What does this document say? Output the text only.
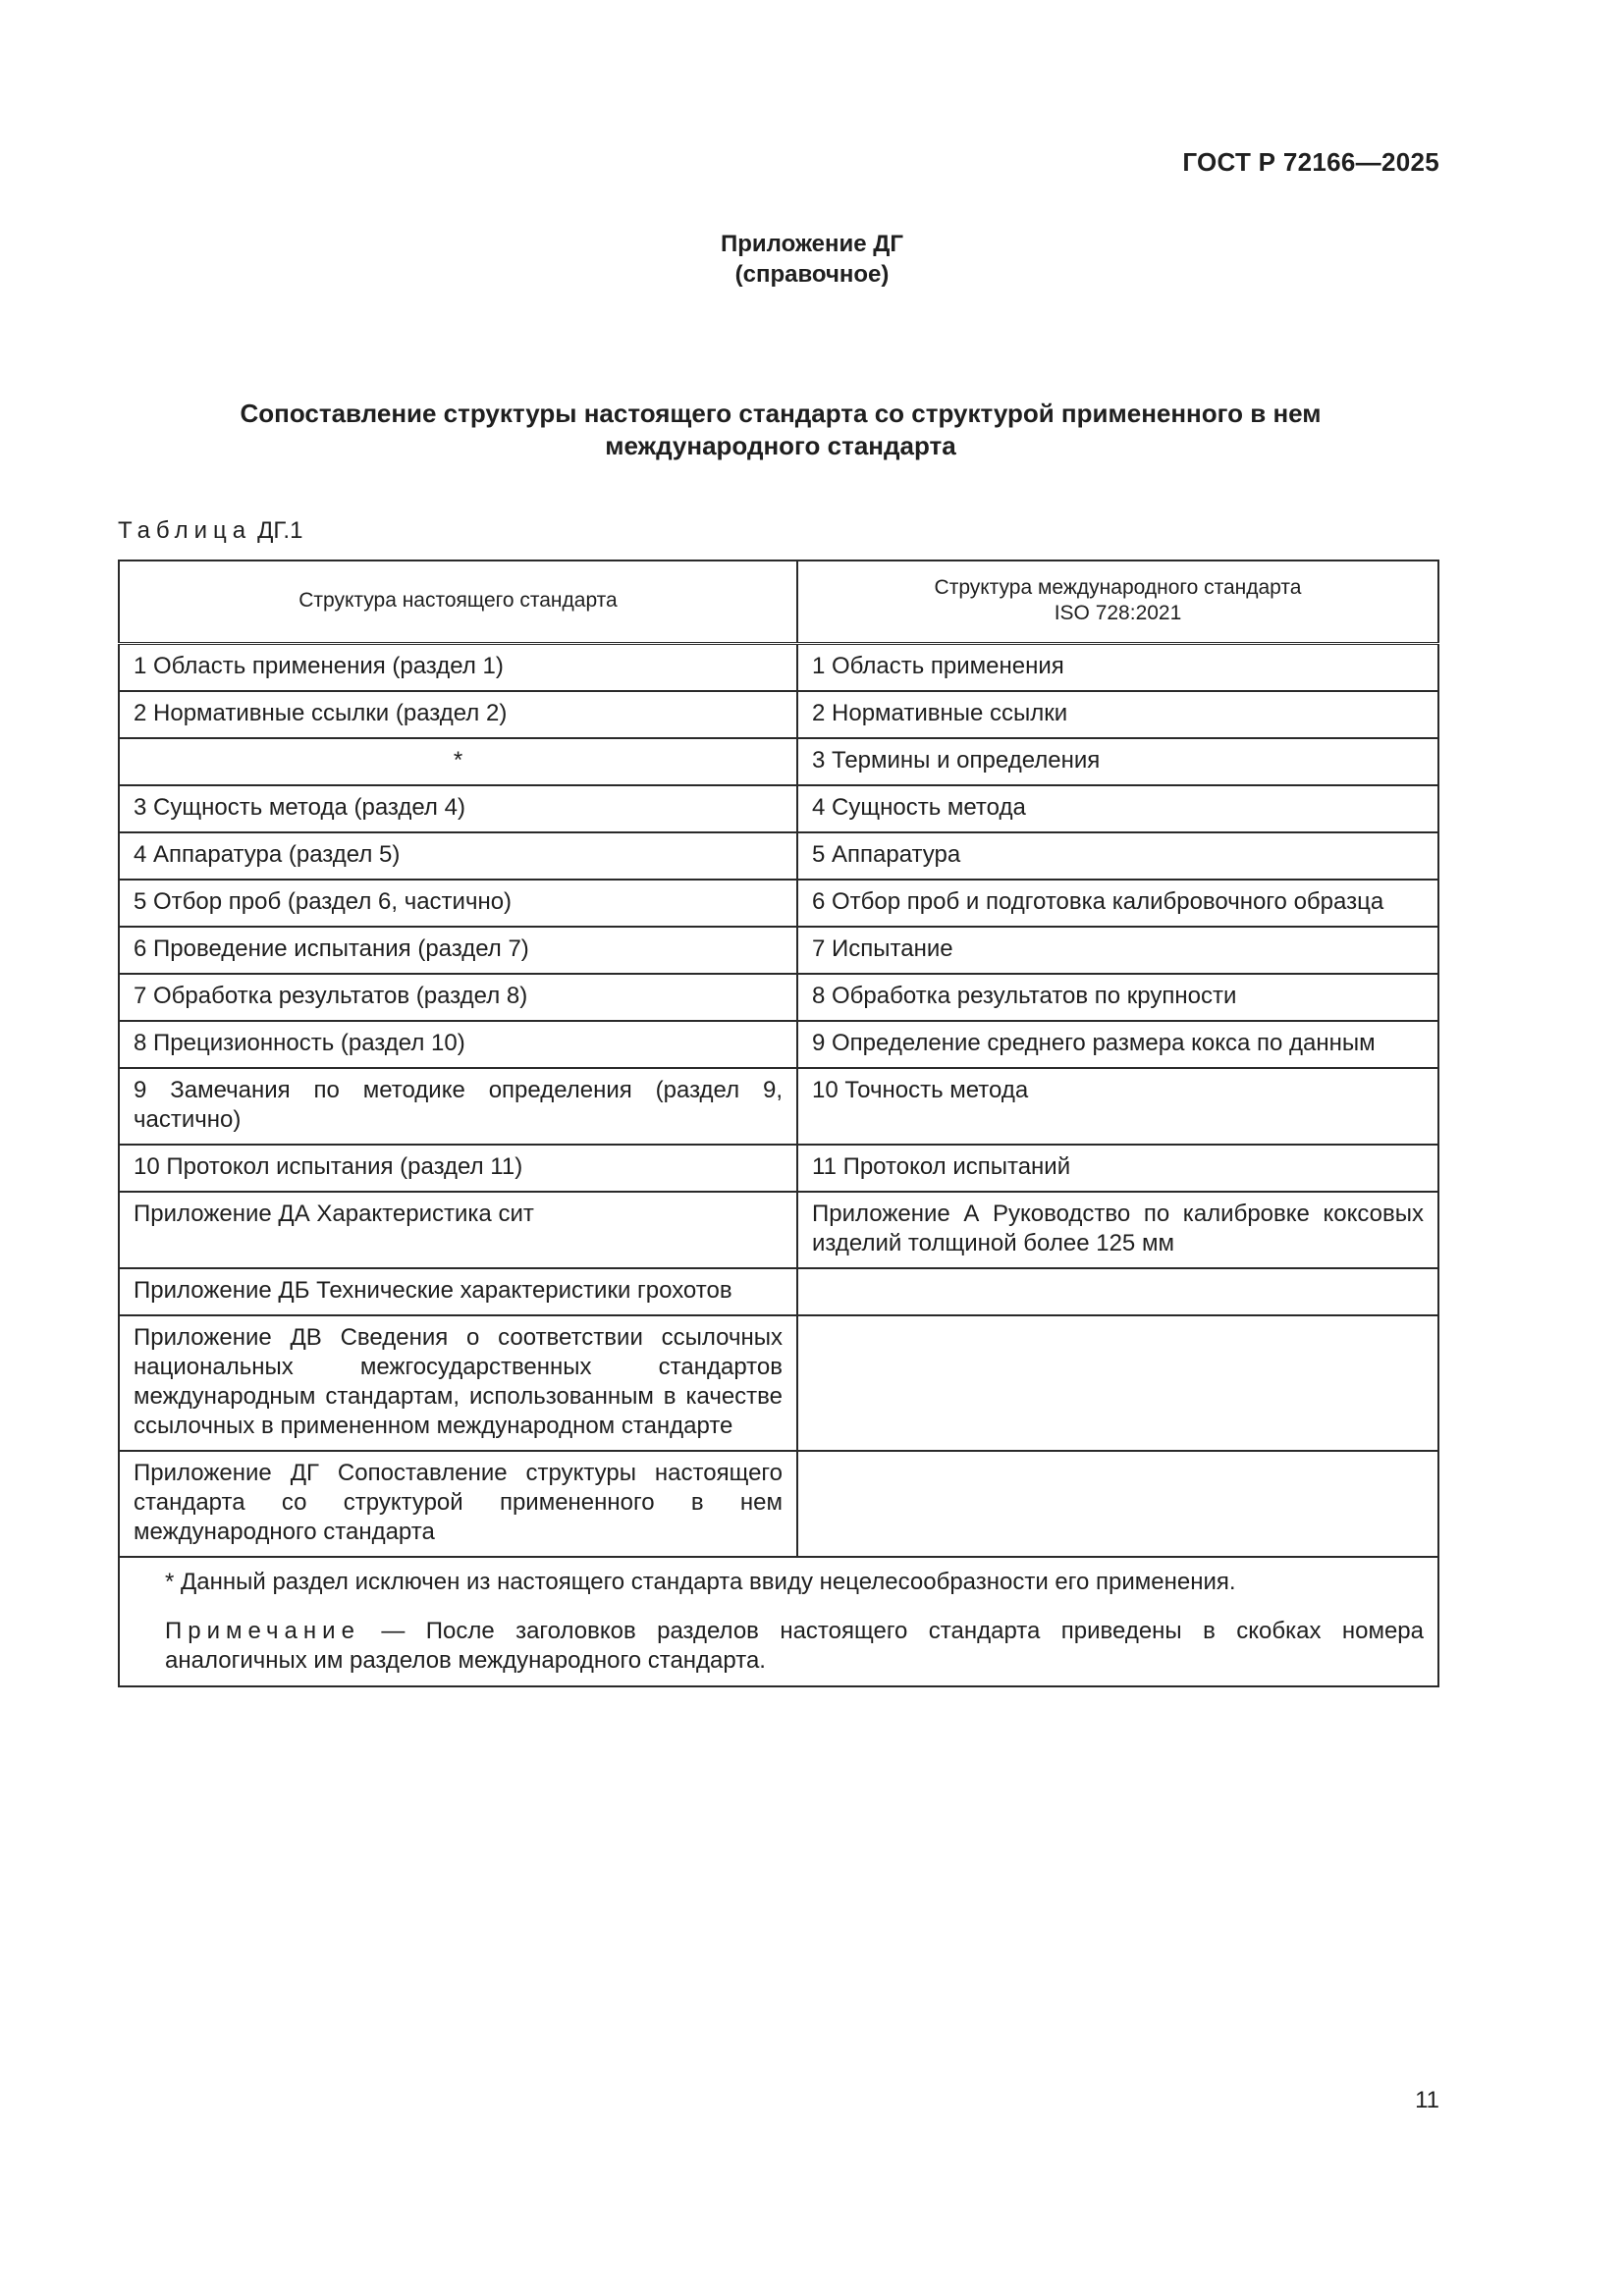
ГОСТ Р 72166—2025
Приложение ДГ
(справочное)
Сопоставление структуры настоящего стандарта со структурой примененного в нем
международного стандарта
Таблица ДГ.1
Структура настоящего стандарта	Структура международного стандарта
ISO 728:2021

1 Область применения (раздел 1)	1 Область применения
2 Нормативные ссылки (раздел 2)	2 Нормативные ссылки
*	3 Термины и определения
3 Сущность метода (раздел 4)	4 Сущность метода
4 Аппаратура (раздел 5)	5 Аппаратура
5 Отбор проб (раздел 6, частично)	6 Отбор проб и подготовка калибровочного образца
6 Проведение испытания (раздел 7)	7 Испытание
7 Обработка результатов (раздел 8)	8 Обработка результатов по крупности
8 Прецизионность (раздел 10)	9 Определение среднего размера кокса по данным
9 Замечания по методике определения (раздел 9, частично)	10 Точность метода
10 Протокол испытания (раздел 11)	11 Протокол испытаний
Приложение ДА Характеристика сит	Приложение А Руководство по калибровке коксовых изделий толщиной более 125 мм
Приложение ДБ Технические характеристики грохотов	
Приложение ДВ Сведения о соответствии ссылочных национальных межгосударственных стандартов международным стандартам, использованным в качестве ссылочных в примененном международном стандарте	
Приложение ДГ Сопоставление структуры настоящего стандарта со структурой примененного в нем международного стандарта	

* Данный раздел исключен из настоящего стандарта ввиду нецелесообразности его применения.
Примечание — После заголовков разделов настоящего стандарта приведены в скобках номера аналогичных им разделов международного стандарта.	
11
